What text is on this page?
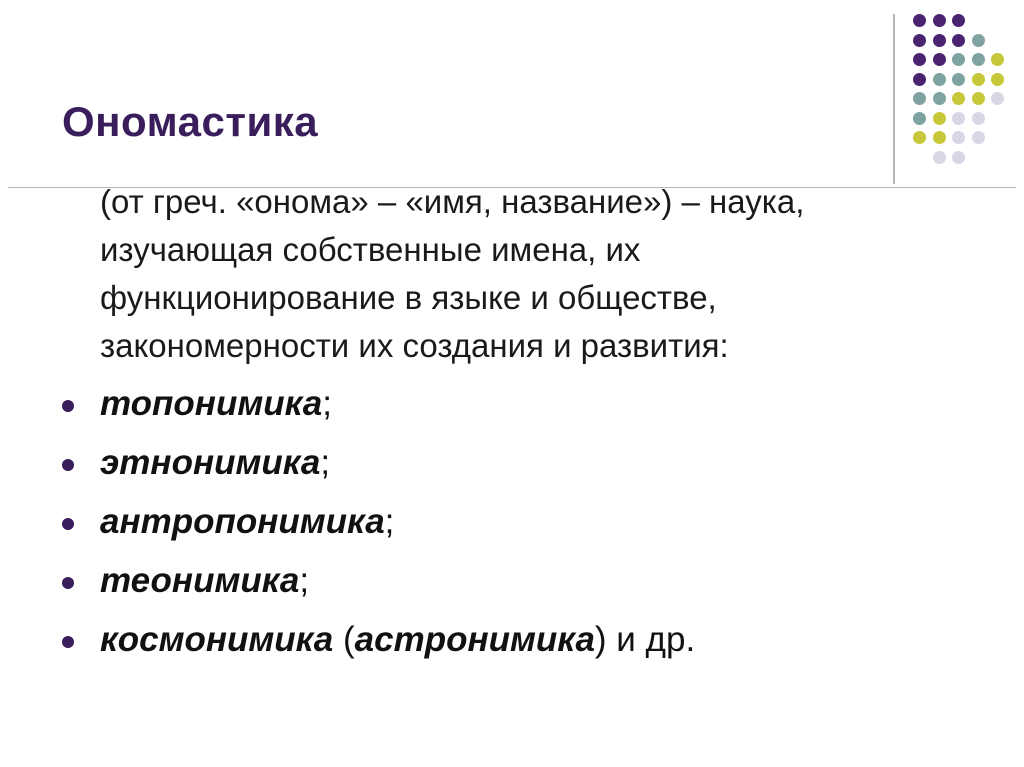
Ономастика
(от греч. «онома» – «имя, название») – наука,
изучающая собственные имена, их
функционирование в языке и обществе,
закономерности их создания и развития:
топонимика;
этнонимика;
антропонимика;
теонимика;
космонимика (астронимика) и др.
